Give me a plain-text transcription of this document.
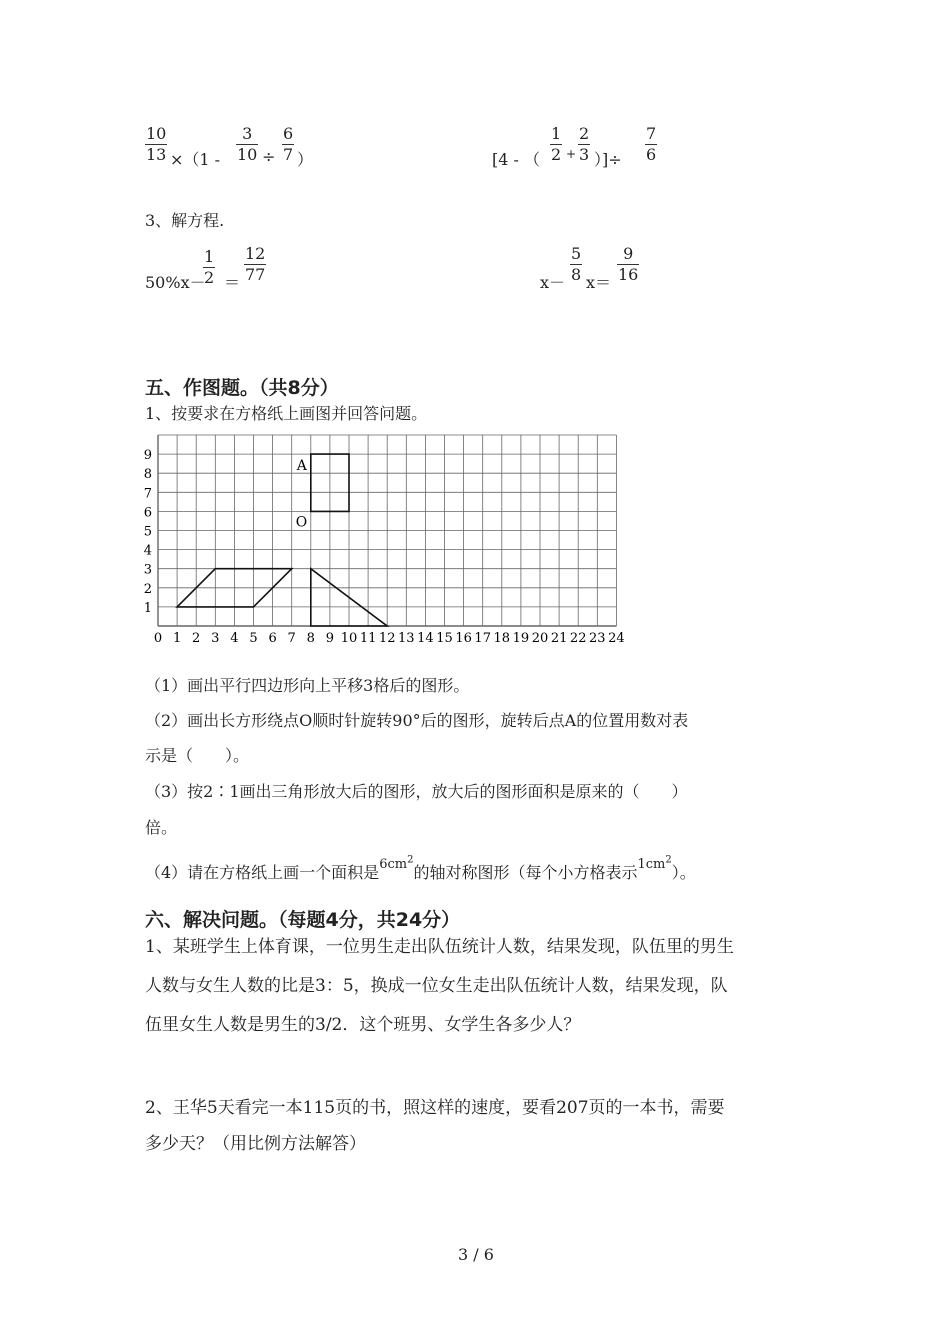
$\frac{10}{13} \times(1 - \frac{3}{10} \div \frac{6}{7}$ ）	[4 - （ $\frac{1}{2} + \frac{2}{3}$ ）]÷ $\frac{7}{6}$
3、解方程.
50%x－
$\frac{1}{2} = \frac{12}{77}$	$x- \frac{5}{8} x= \frac{9}{16}$
五、作图题。（共8分）
1、按要求在方格纸上画图并回答问题。
1
2
3
4
5
6
7
8
9
0 1 2 3 4 5 6 7 8 9 10 11 12 13 14 15 16 17 18 19 20 21 22 23 24
A
O
（1）画出平行四边形向上平移3格后的图形。
（2）画出长方形绕点O顺时针旋转90°后的图形，旋转后点A的位置用数对表
示是（　　）。
（3）按2∶1画出三角形放大后的图形，放大后的图形面积是原来的（　　）
倍。
（4）请在方格纸上画一个面积是$^{6cm^2}$的轴对称图形（每个小方格表示$^{1cm^2}$）。
六、解决问题。（每题4分，共24分）
1、某班学生上体育课，一位男生走出队伍统计人数，结果发现，队伍里的男生
人数与女生人数的比是3：5，换成一位女生走出队伍统计人数，结果发现，队
伍里女生人数是男生的3/2．这个班男、女学生各多少人？
2、王华5天看完一本115页的书，照这样的速度，要看207页的一本书，需要
多少天？（用比例方法解答）
3 / 6
